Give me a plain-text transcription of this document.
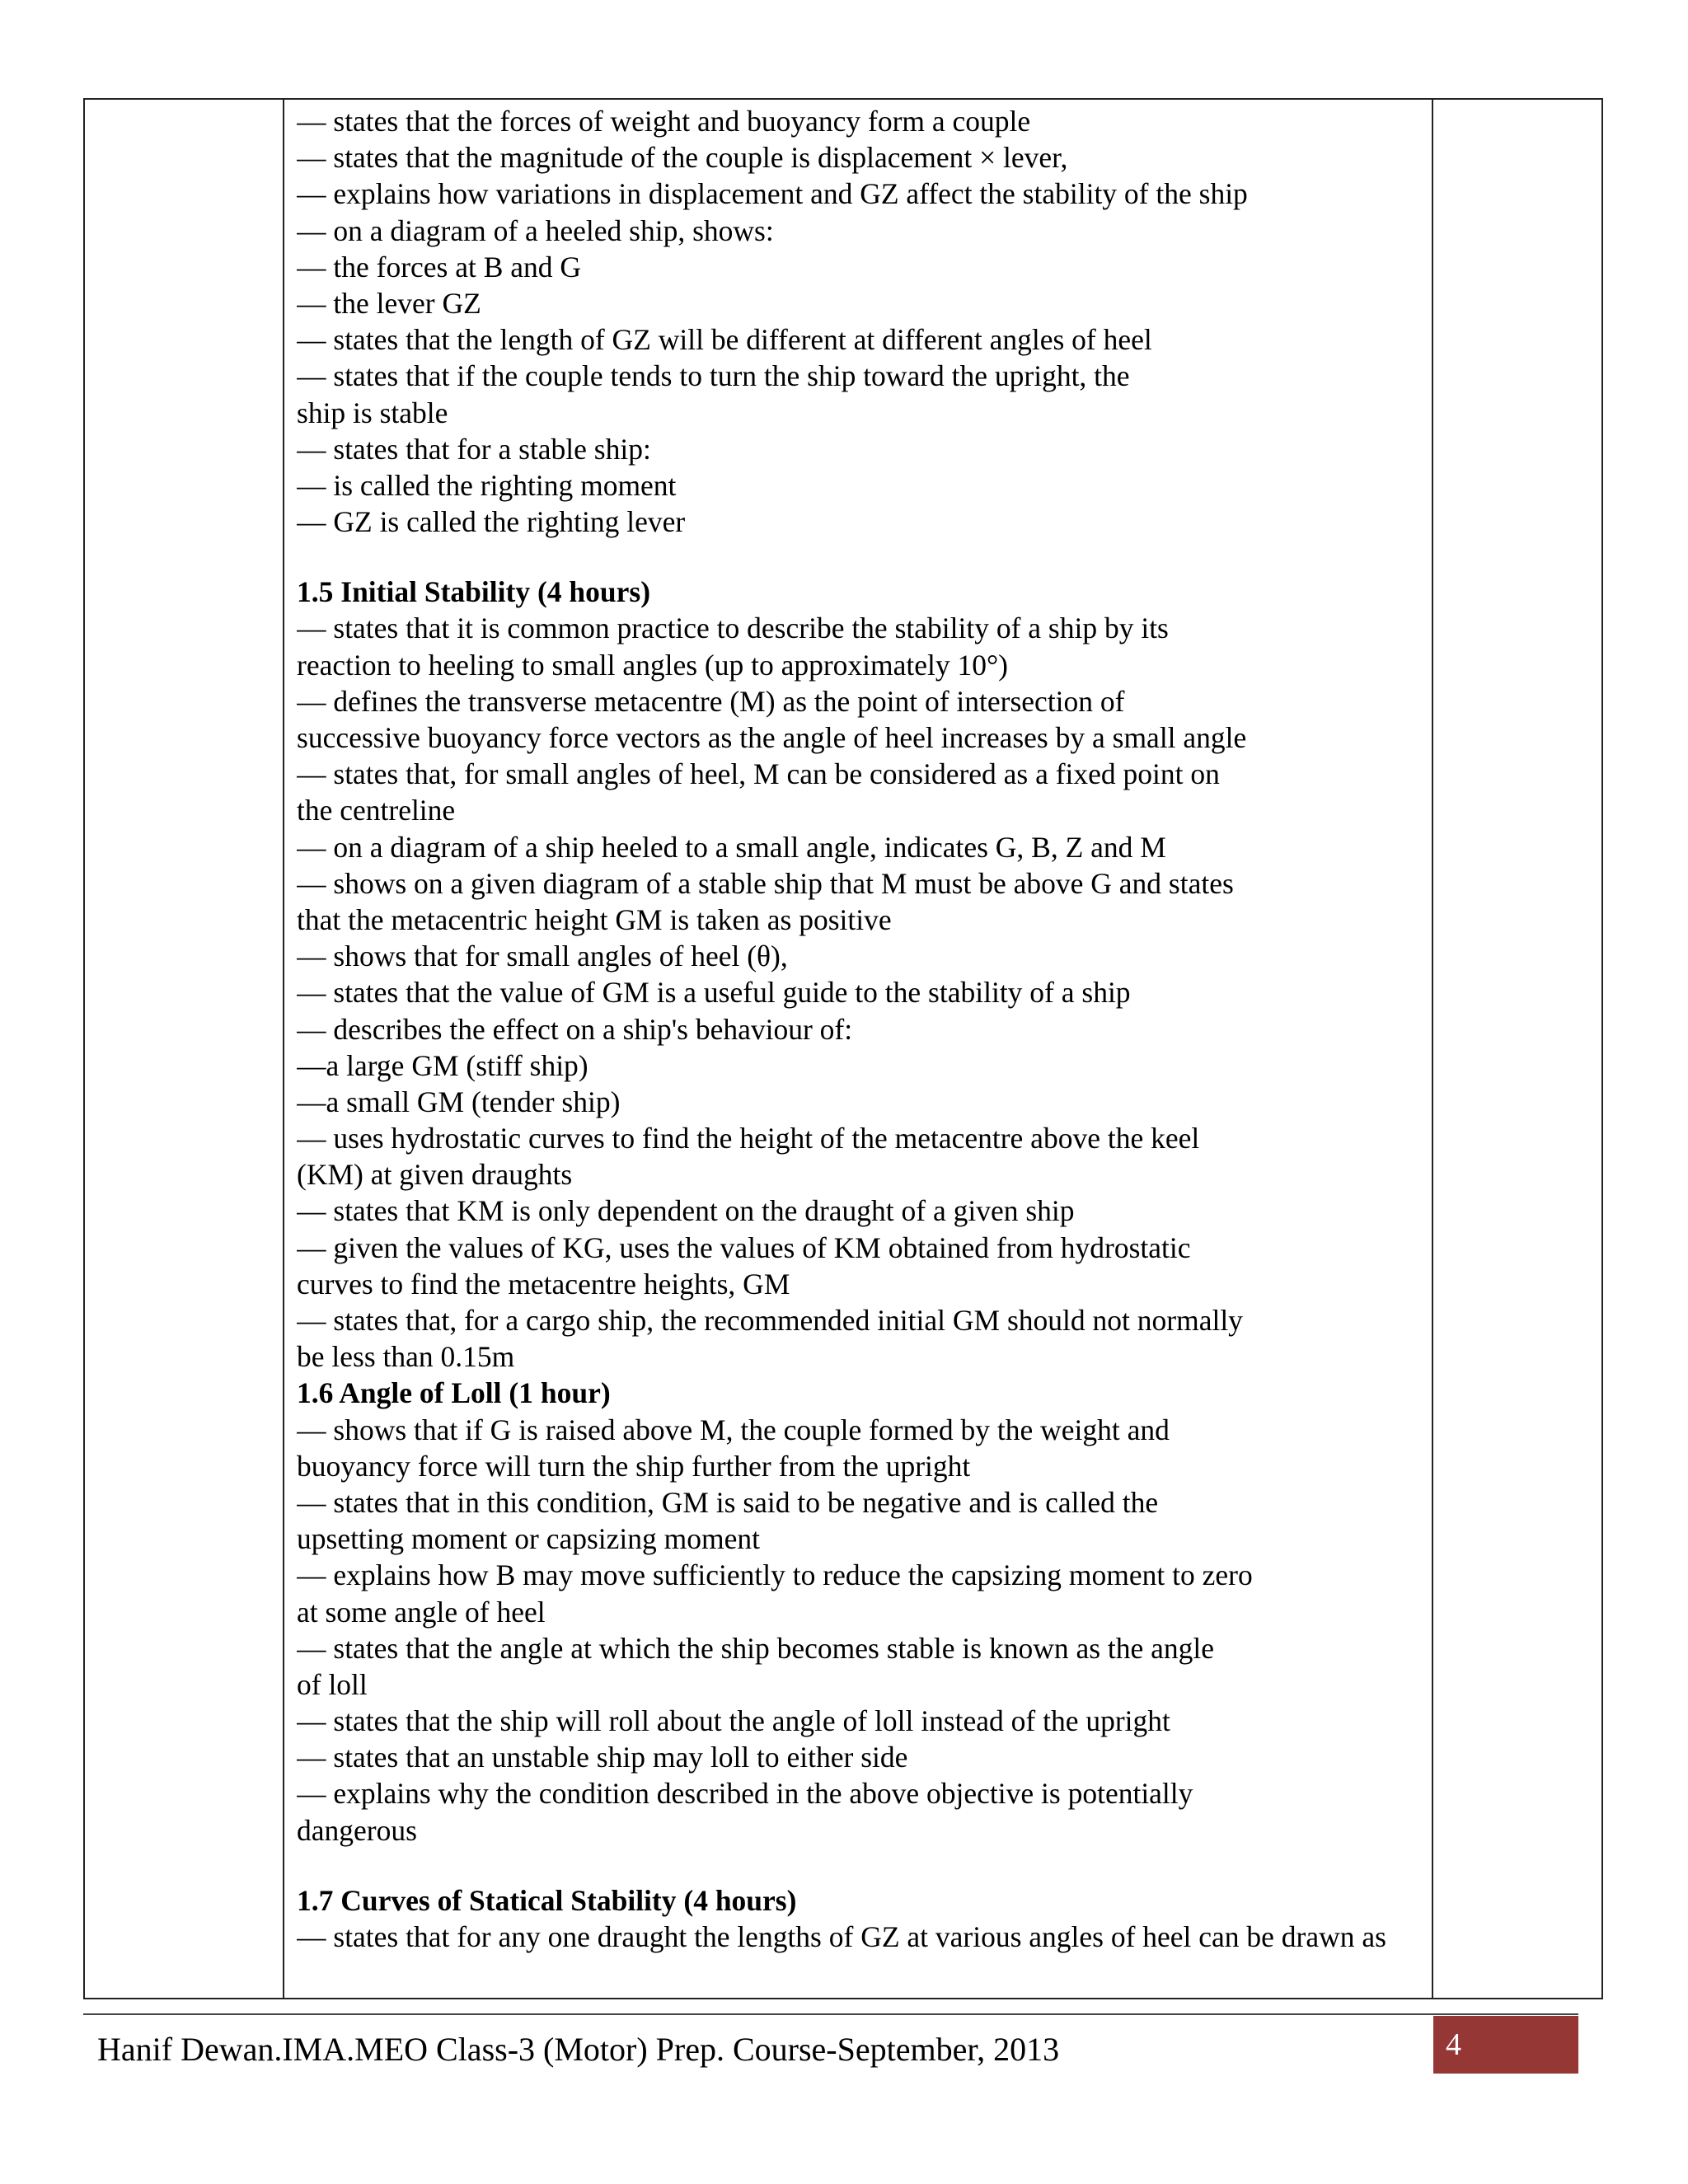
— states that the forces of weight and buoyancy form a couple
— states that the magnitude of the couple is displacement × lever,
— explains how variations in displacement and GZ affect the stability of the ship
— on a diagram of a heeled ship, shows:
— the forces at B and G
— the lever GZ
— states that the length of GZ will be different at different angles of heel
— states that if the couple tends to turn the ship toward the upright, the
ship is stable
— states that for a stable ship:
— is called the righting moment
— GZ is called the righting lever
1.5 Initial Stability (4 hours)
— states that it is common practice to describe the stability of a ship by its
reaction to heeling to small angles (up to approximately 10°)
— defines the transverse metacentre (M) as the point of intersection of
successive buoyancy force vectors as the angle of heel increases by a small angle
— states that, for small angles of heel, M can be considered as a fixed point on
the centreline
— on a diagram of a ship heeled to a small angle, indicates G, B, Z and M
— shows on a given diagram of a stable ship that M must be above G and states
that the metacentric height GM is taken as positive
— shows that for small angles of heel (θ),
— states that the value of GM is a useful guide to the stability of a ship
— describes the effect on a ship's behaviour of:
—a large GM (stiff ship)
—a small GM (tender ship)
— uses hydrostatic curves to find the height of the metacentre above the keel
(KM) at given draughts
— states that KM is only dependent on the draught of a given ship
— given the values of KG, uses the values of KM obtained from hydrostatic
curves to find the metacentre heights, GM
— states that, for a cargo ship, the recommended initial GM should not normally
be less than 0.15m
1.6 Angle of Loll (1 hour)
— shows that if G is raised above M, the couple formed by the weight and
buoyancy force will turn the ship further from the upright
— states that in this condition, GM is said to be negative and is called the
upsetting moment or capsizing moment
— explains how B may move sufficiently to reduce the capsizing moment to zero
at some angle of heel
— states that the angle at which the ship becomes stable is known as the angle
of loll
— states that the ship will roll about the angle of loll instead of the upright
— states that an unstable ship may loll to either side
— explains why the condition described in the above objective is potentially
dangerous
1.7 Curves of Statical Stability (4 hours)
— states that for any one draught the lengths of GZ at various angles of heel can be drawn as
Hanif Dewan.IMA.MEO Class-3 (Motor) Prep. Course-September, 2013	4
